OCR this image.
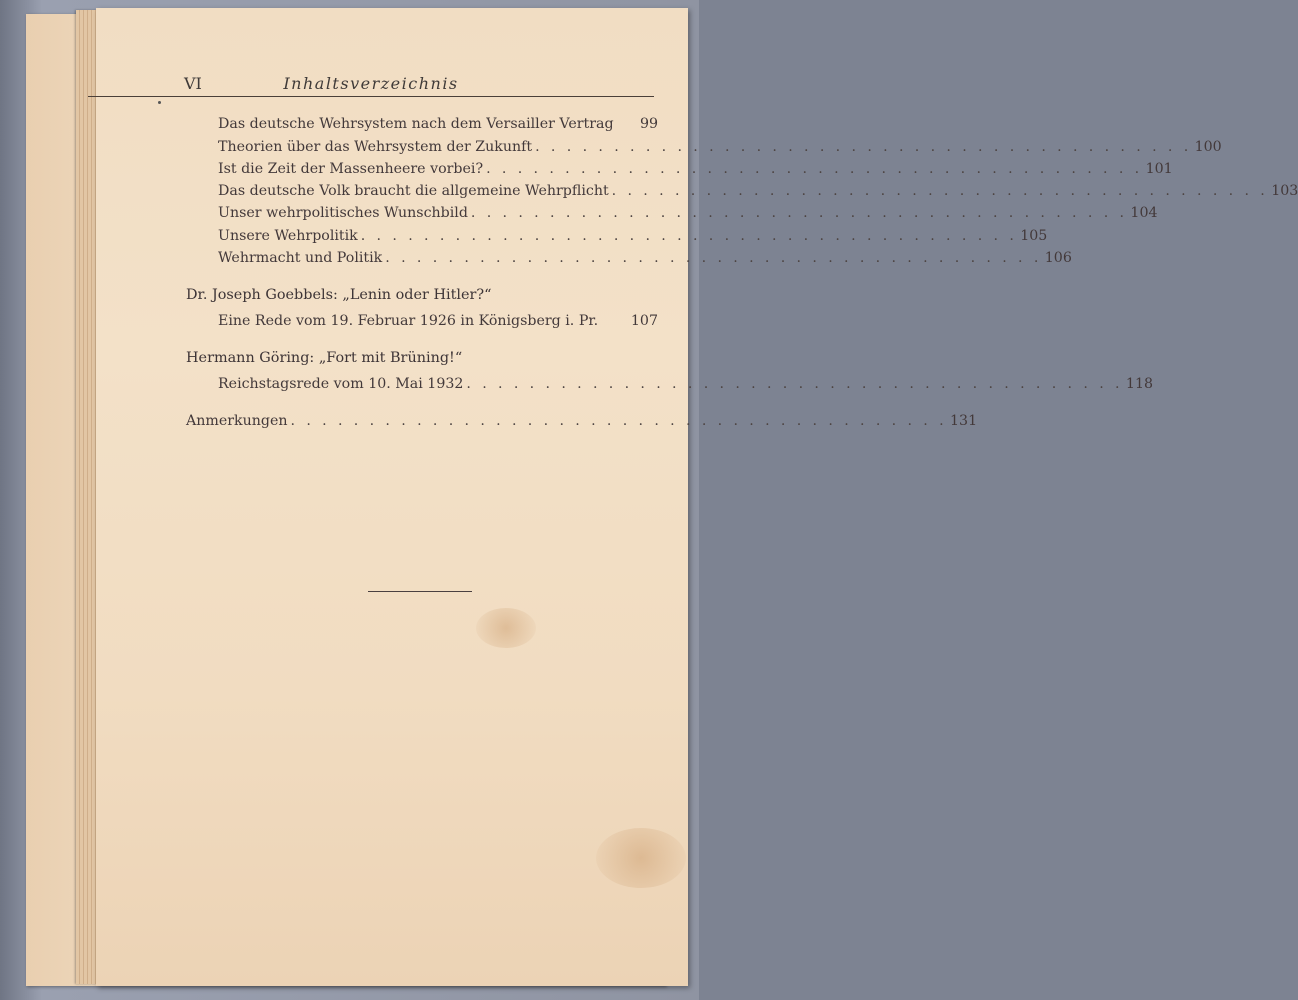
VI	Inhaltsverzeichnis
Das deutsche Wehrsystem nach dem Versailler Vertrag 99
Theorien über das Wehrsystem der Zukunft . . . . . . . . . . . . . . . . . . . . . . . . . . . . . . . . . . . . . . . . . . 100
Ist die Zeit der Massenheere vorbei? . . . . . . . . . . . . . . . . . . . . . . . . . . . . . . . . . . . . . . . . . . 101
Das deutsche Volk braucht die allgemeine Wehrpflicht . . . . . . . . . . . . . . . . . . . . . . . . . . . . . . . . . . . . . . . . . . 103
Unser wehrpolitisches Wunschbild . . . . . . . . . . . . . . . . . . . . . . . . . . . . . . . . . . . . . . . . . . 104
Unsere Wehrpolitik . . . . . . . . . . . . . . . . . . . . . . . . . . . . . . . . . . . . . . . . . . 105
Wehrmacht und Politik . . . . . . . . . . . . . . . . . . . . . . . . . . . . . . . . . . . . . . . . . . 106
Dr. Joseph Goebbels: „Lenin oder Hitler?“
Eine Rede vom 19. Februar 1926 in Königsberg i. Pr. 107
Hermann Göring: „Fort mit Brüning!“
Reichstagsrede vom 10. Mai 1932 . . . . . . . . . . . . . . . . . . . . . . . . . . . . . . . . . . . . . . . . . . 118
Anmerkungen . . . . . . . . . . . . . . . . . . . . . . . . . . . . . . . . . . . . . . . . . . 131
